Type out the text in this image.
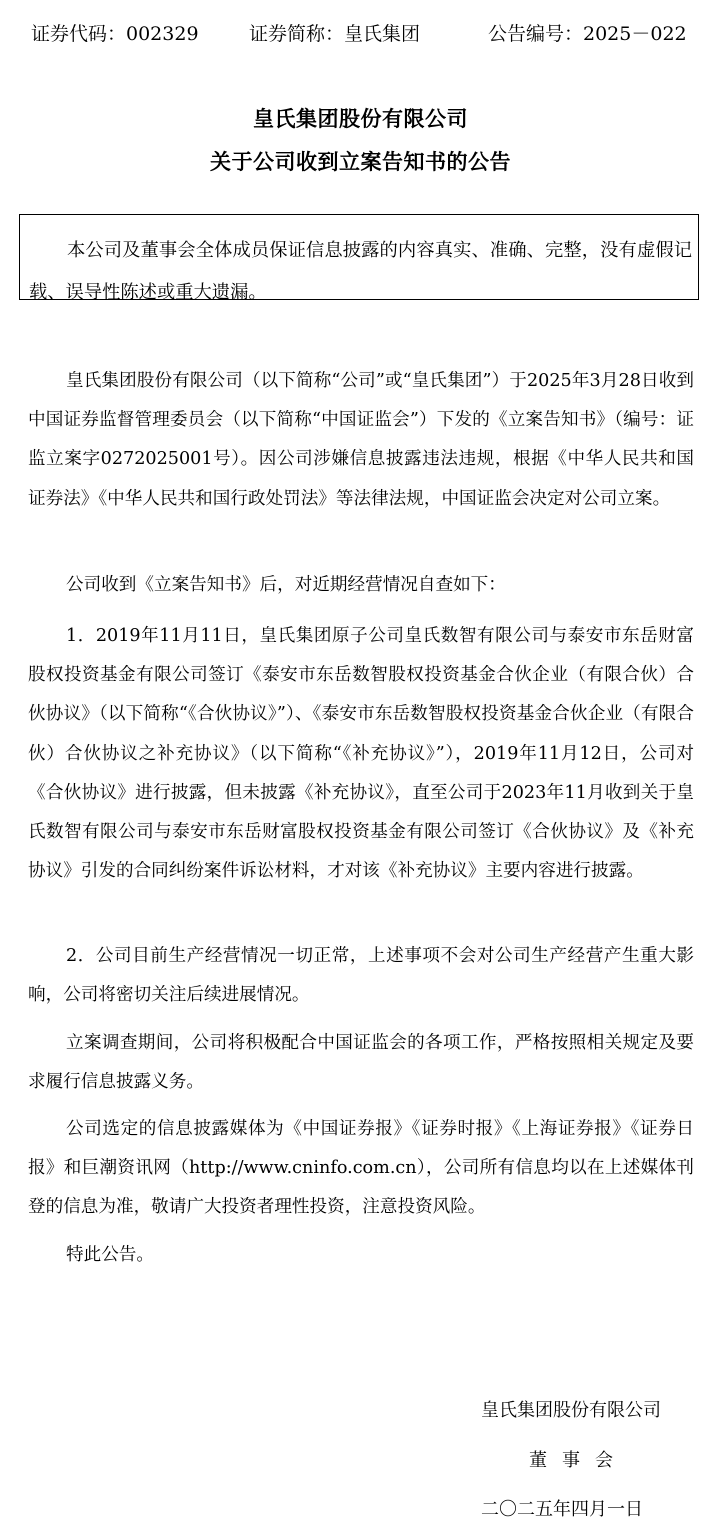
证券代码：002329	证券简称：皇氏集团	公告编号：2025－022
皇氏集团股份有限公司
关于公司收到立案告知书的公告
本公司及董事会全体成员保证信息披露的内容真实、准确、完整，没有虚假记载、误导性陈述或重大遗漏。

皇氏集团股份有限公司（以下简称“公司”或“皇氏集团”）于2025年3月28日收到中国证券监督管理委员会（以下简称“中国证监会”）下发的《立案告知书》（编号：证监立案字0272025001号）。因公司涉嫌信息披露违法违规，根据《中华人民共和国证券法》《中华人民共和国行政处罚法》等法律法规，中国证监会决定对公司立案。

公司收到《立案告知书》后，对近期经营情况自查如下：

1．2019年11月11日，皇氏集团原子公司皇氏数智有限公司与泰安市东岳财富股权投资基金有限公司签订《泰安市东岳数智股权投资基金合伙企业（有限合伙）合伙协议》（以下简称“《合伙协议》”）、《泰安市东岳数智股权投资基金合伙企业（有限合伙）合伙协议之补充协议》（以下简称“《补充协议》”），2019年11月12日，公司对《合伙协议》进行披露，但未披露《补充协议》，直至公司于2023年11月收到关于皇氏数智有限公司与泰安市东岳财富股权投资基金有限公司签订《合伙协议》及《补充协议》引发的合同纠纷案件诉讼材料，才对该《补充协议》主要内容进行披露。

2．公司目前生产经营情况一切正常，上述事项不会对公司生产经营产生重大影响，公司将密切关注后续进展情况。

立案调查期间，公司将积极配合中国证监会的各项工作，严格按照相关规定及要求履行信息披露义务。

公司选定的信息披露媒体为《中国证券报》《证券时报》《上海证券报》《证券日报》和巨潮资讯网（http://www.cninfo.com.cn），公司所有信息均以在上述媒体刊登的信息为准，敬请广大投资者理性投资，注意投资风险。

特此公告。

皇氏集团股份有限公司
董事会
二〇二五年四月一日
